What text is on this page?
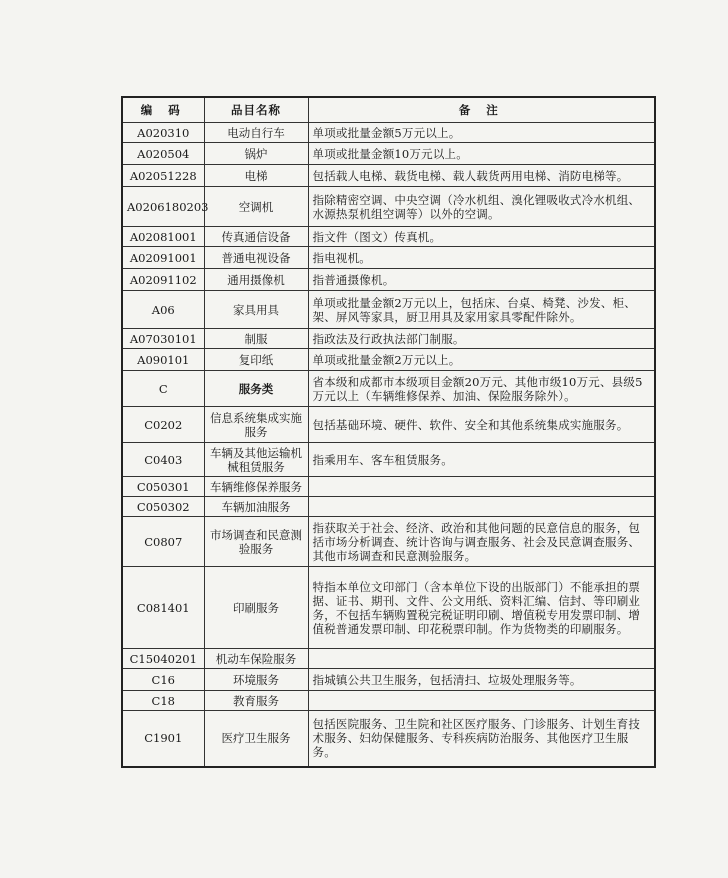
编 码	品目名称	备 注
A020310	电动自行车	单项或批量金额5万元以上。
A020504	锅炉	单项或批量金额10万元以上。
A02051228	电梯	包括载人电梯、载货电梯、载人载货两用电梯、消防电梯等。
A0206180203	空调机	指除精密空调、中央空调（冷水机组、溴化锂吸收式冷水机组、水源热泵机组空调等）以外的空调。
A02081001	传真通信设备	指文件（图文）传真机。
A02091001	普通电视设备	指电视机。
A02091102	通用摄像机	指普通摄像机。
A06	家具用具	单项或批量金额2万元以上，包括床、台桌、椅凳、沙发、柜、架、屏风等家具，厨卫用具及家用家具零配件除外。
A07030101	制服	指政法及行政执法部门制服。
A090101	复印纸	单项或批量金额2万元以上。
C	服务类	省本级和成都市本级项目金额20万元、其他市级10万元、县级5万元以上（车辆维修保养、加油、保险服务除外）。
C0202	信息系统集成实施服务	包括基础环境、硬件、软件、安全和其他系统集成实施服务。
C0403	车辆及其他运输机械租赁服务	指乘用车、客车租赁服务。
C050301	车辆维修保养服务	
C050302	车辆加油服务	
C0807	市场调查和民意测验服务	指获取关于社会、经济、政治和其他问题的民意信息的服务，包括市场分析调查、统计咨询与调查服务、社会及民意调查服务、其他市场调查和民意测验服务。
C081401	印刷服务	特指本单位文印部门（含本单位下设的出版部门）不能承担的票据、证书、期刊、文件、公文用纸、资料汇编、信封、等印刷业务，不包括车辆购置税完税证明印刷、增值税专用发票印制、增值税普通发票印制、印花税票印制。作为货物类的印刷服务。
C15040201	机动车保险服务	
C16	环境服务	指城镇公共卫生服务，包括清扫、垃圾处理服务等。
C18	教育服务	
C1901	医疗卫生服务	包括医院服务、卫生院和社区医疗服务、门诊服务、计划生育技术服务、妇幼保健服务、专科疾病防治服务、其他医疗卫生服务。
